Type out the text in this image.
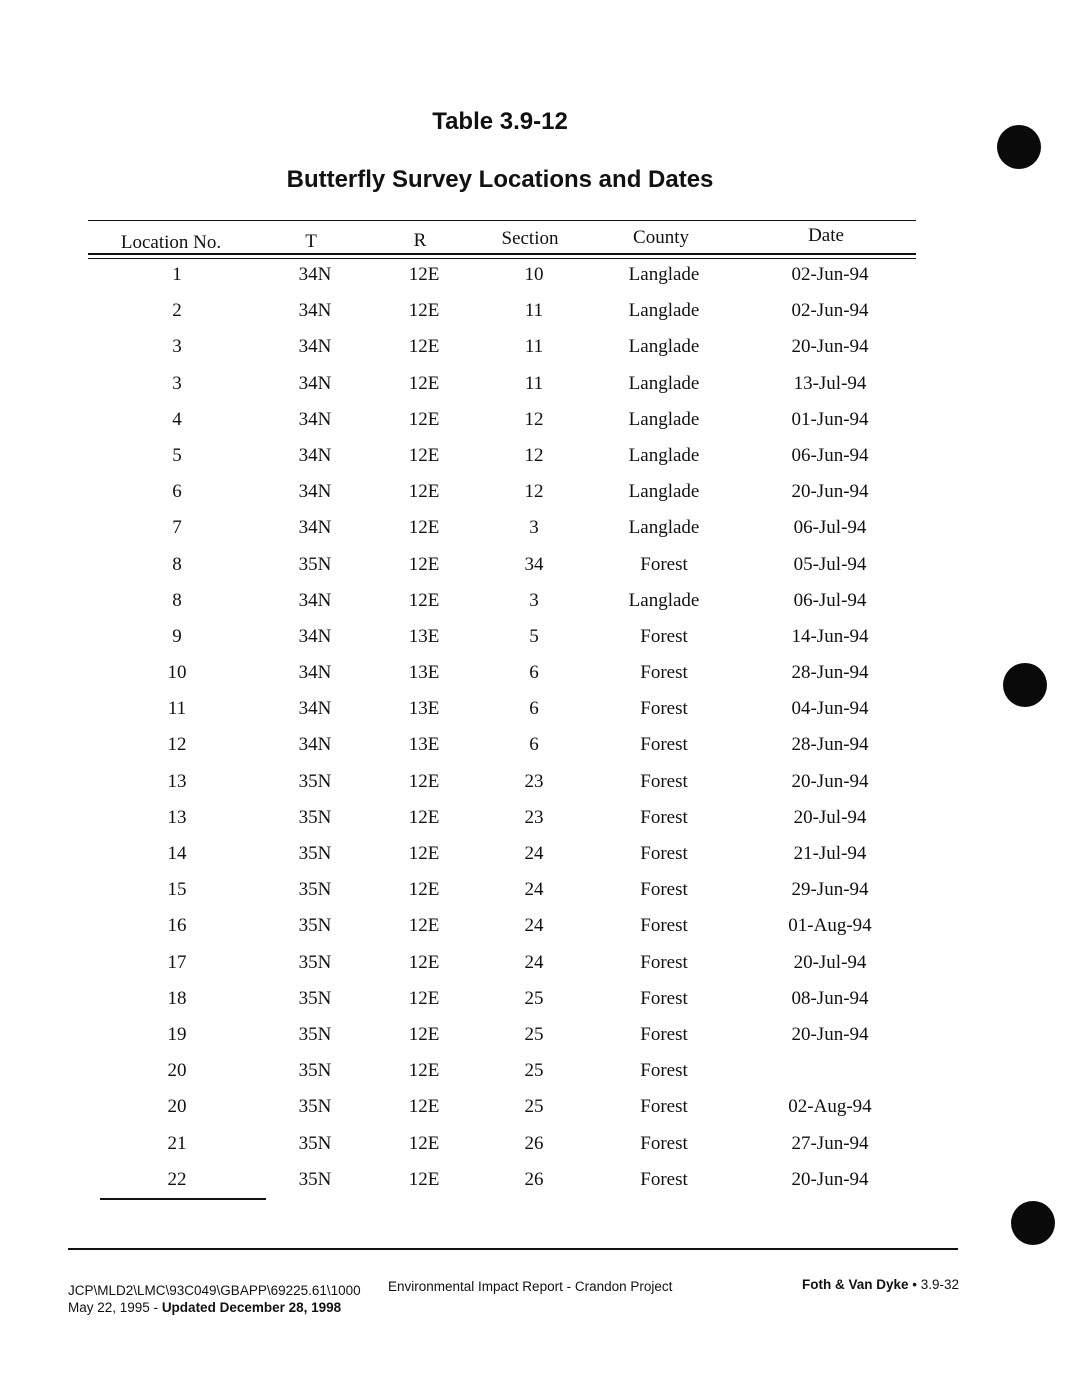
Table 3.9-12
Butterfly Survey Locations and Dates
Location No.	T	R	Section	County	Date
1	34N	12E	10	Langlade	02-Jun-94
2	34N	12E	11	Langlade	02-Jun-94
3	34N	12E	11	Langlade	20-Jun-94
3	34N	12E	11	Langlade	13-Jul-94
4	34N	12E	12	Langlade	01-Jun-94
5	34N	12E	12	Langlade	06-Jun-94
6	34N	12E	12	Langlade	20-Jun-94
7	34N	12E	3	Langlade	06-Jul-94
8	35N	12E	34	Forest	05-Jul-94
8	34N	12E	3	Langlade	06-Jul-94
9	34N	13E	5	Forest	14-Jun-94
10	34N	13E	6	Forest	28-Jun-94
11	34N	13E	6	Forest	04-Jun-94
12	34N	13E	6	Forest	28-Jun-94
13	35N	12E	23	Forest	20-Jun-94
13	35N	12E	23	Forest	20-Jul-94
14	35N	12E	24	Forest	21-Jul-94
15	35N	12E	24	Forest	29-Jun-94
16	35N	12E	24	Forest	01-Aug-94
17	35N	12E	24	Forest	20-Jul-94
18	35N	12E	25	Forest	08-Jun-94
19	35N	12E	25	Forest	20-Jun-94
20	35N	12E	25	Forest
20	35N	12E	25	Forest	02-Aug-94
21	35N	12E	26	Forest	27-Jun-94
22	35N	12E	26	Forest	20-Jun-94
JCP\MLD2\LMC\93C049\GBAPP\69225.61\1000
May 22, 1995 - Updated December 28, 1998
Environmental Impact Report - Crandon Project	Foth & Van Dyke • 3.9-32
